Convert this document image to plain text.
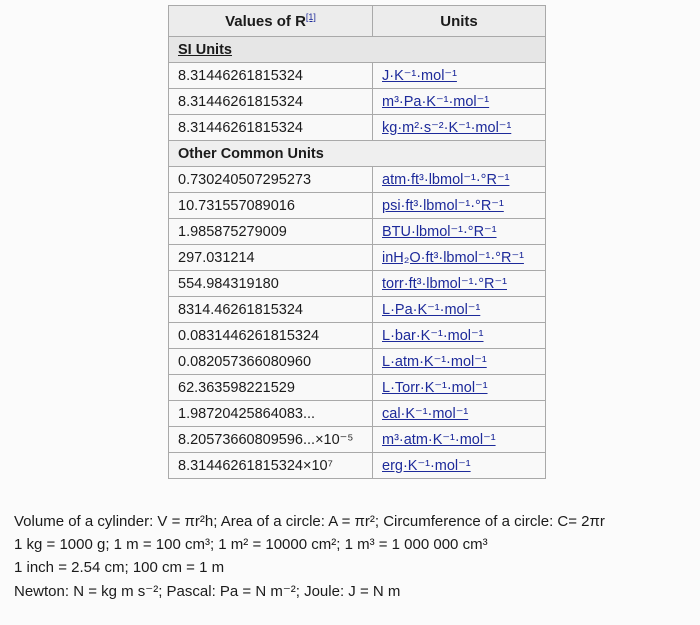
Values of R[1]	Units
SI Units	
8.31446261815324	J·K⁻¹·mol⁻¹
8.31446261815324	m³·Pa·K⁻¹·mol⁻¹
8.31446261815324	kg·m²·s⁻²·K⁻¹·mol⁻¹
Other Common Units	
0.730240507295273	atm·ft³·lbmol⁻¹·°R⁻¹
10.731557089016	psi·ft³·lbmol⁻¹·°R⁻¹
1.985875279009	BTU·lbmol⁻¹·°R⁻¹
297.031214	inH₂O·ft³·lbmol⁻¹·°R⁻¹
554.984319180	torr·ft³·lbmol⁻¹·°R⁻¹
8314.46261815324	L·Pa·K⁻¹·mol⁻¹
0.0831446261815324	L·bar·K⁻¹·mol⁻¹
0.082057366080960	L·atm·K⁻¹·mol⁻¹
62.363598221529	L·Torr·K⁻¹·mol⁻¹
1.98720425864083...	cal·K⁻¹·mol⁻¹
8.20573660809596...×10⁻⁵	m³·atm·K⁻¹·mol⁻¹
8.31446261815324×10⁷	erg·K⁻¹·mol⁻¹
Volume of a cylinder: V = πr²h; Area of a circle: A = πr²; Circumference of a circle: C= 2πr
1 kg = 1000 g; 1 m = 100 cm³; 1 m² = 10000 cm²; 1 m³ = 1 000 000 cm³
1 inch = 2.54 cm; 100 cm = 1 m
Newton: N = kg m s⁻²; Pascal: Pa = N m⁻²; Joule: J = N m
